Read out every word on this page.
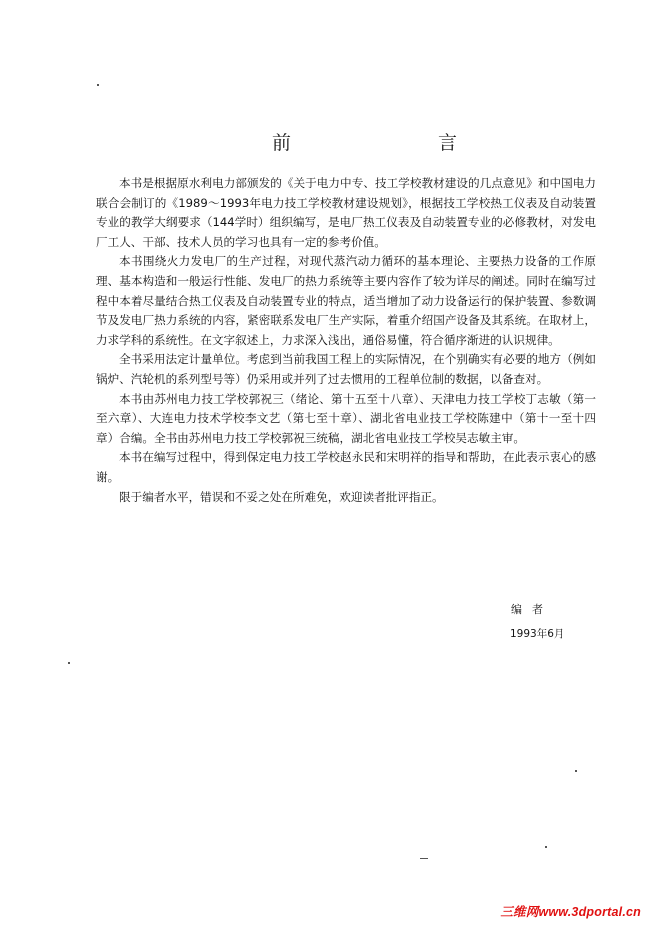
前　言

本书是根据原水利电力部颁发的《关于电力中专、技工学校教材建设的几点意见》和中国电力联合会制订的《1989～1993年电力技工学校教材建设规划》，根据技工学校热工仪表及自动装置专业的教学大纲要求（144学时）组织编写，是电厂热工仪表及自动装置专业的必修教材，对发电厂工人、干部、技术人员的学习也具有一定的参考价值。

本书围绕火力发电厂的生产过程，对现代蒸汽动力循环的基本理论、主要热力设备的工作原理、基本构造和一般运行性能、发电厂的热力系统等主要内容作了较为详尽的阐述。同时在编写过程中本着尽量结合热工仪表及自动装置专业的特点，适当增加了动力设备运行的保护装置、参数调节及发电厂热力系统的内容，紧密联系发电厂生产实际，着重介绍国产设备及其系统。在取材上，力求学科的系统性。在文字叙述上，力求深入浅出，通俗易懂，符合循序渐进的认识规律。

全书采用法定计量单位。考虑到当前我国工程上的实际情况，在个别确实有必要的地方（例如锅炉、汽轮机的系列型号等）仍采用或并列了过去惯用的工程单位制的数据，以备查对。

本书由苏州电力技工学校郭祝三（绪论、第十五至十八章）、天津电力技工学校丁志敏（第一至六章）、大连电力技术学校李文艺（第七至十章）、湖北省电业技工学校陈建中（第十一至十四章）合编。全书由苏州电力技工学校郭祝三统稿，湖北省电业技工学校吴志敏主审。

本书在编写过程中，得到保定电力技工学校赵永民和宋明祥的指导和帮助，在此表示衷心的感谢。

限于编者水平，错误和不妥之处在所难免，欢迎读者批评指正。

编者
1993年6月
三维网www.3dportal.cn
